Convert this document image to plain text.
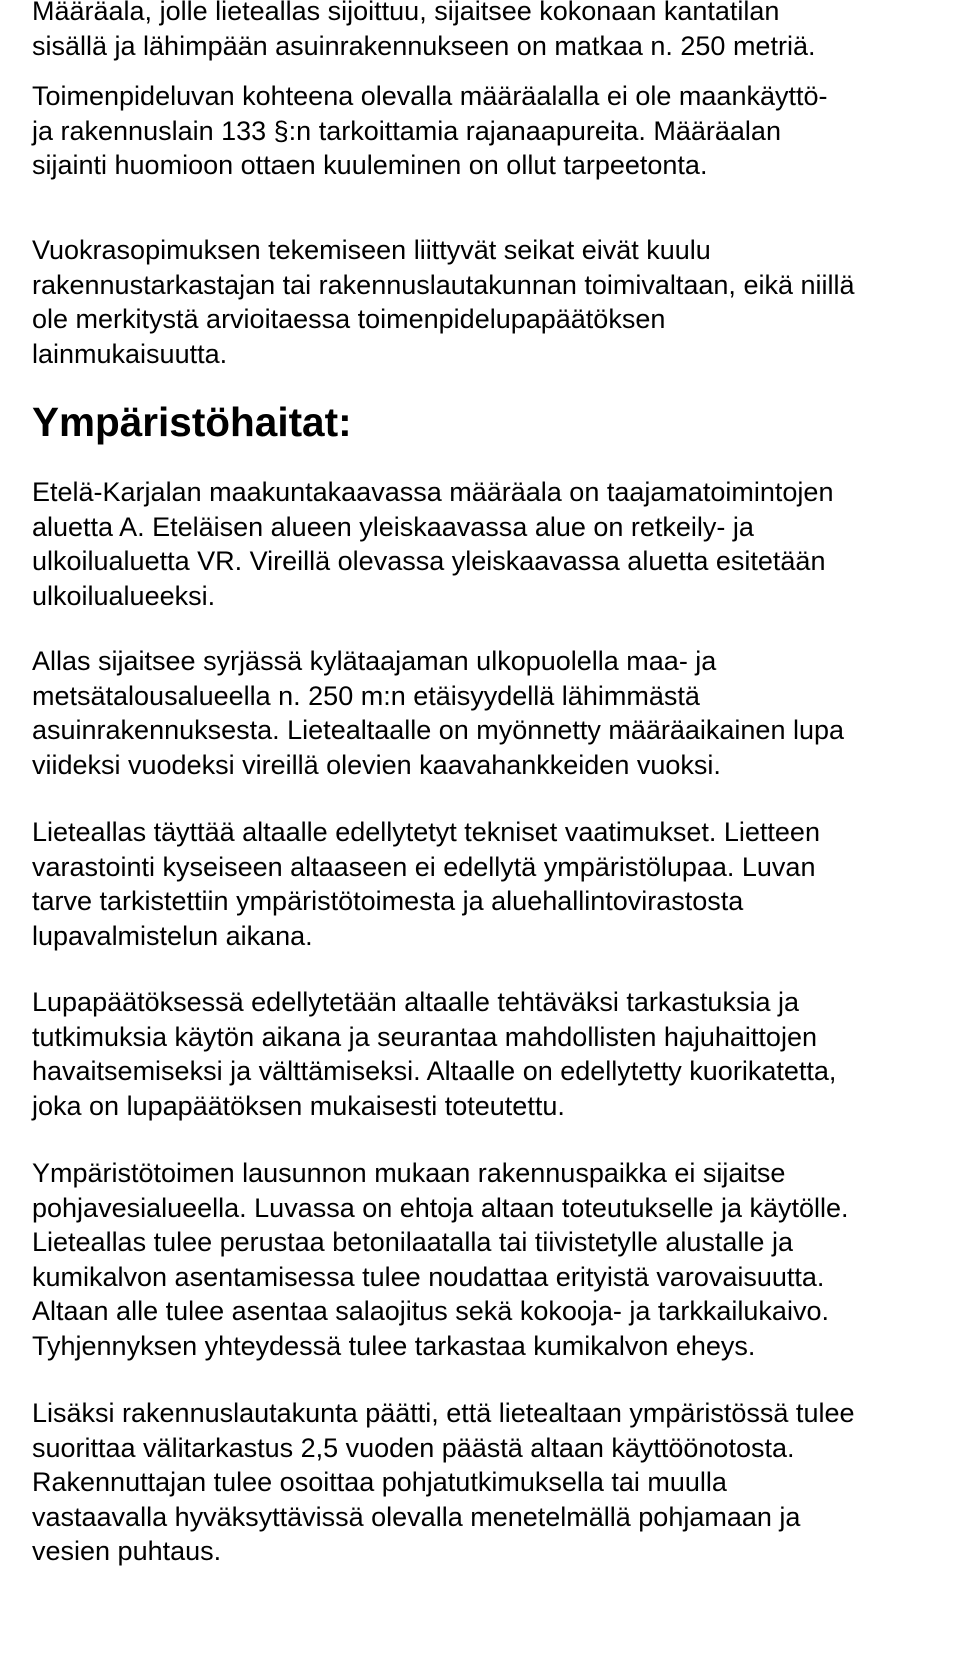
Määräala, jolle lieteallas sijoittuu, sijaitsee kokonaan kantatilan
sisällä ja lähimpään asuinrakennukseen on matkaa n. 250 metriä.
Toimenpideluvan kohteena olevalla määräalalla ei ole maankäyttö-
ja rakennuslain 133 §:n tarkoittamia rajanaapureita. Määräalan
sijainti huomioon ottaen kuuleminen on ollut tarpeetonta.
Vuokrasopimuksen tekemiseen liittyvät seikat eivät kuulu
rakennustarkastajan tai rakennuslautakunnan toimivaltaan, eikä niillä
ole merkitystä arvioitaessa toimenpidelupapäätöksen
lainmukaisuutta.
Ympäristöhaitat:
Etelä-Karjalan maakuntakaavassa määräala on taajamatoimintojen
aluetta A. Eteläisen alueen yleiskaavassa alue on retkeily- ja
ulkoilualuetta VR. Vireillä olevassa yleiskaavassa aluetta esitetään
ulkoilualueeksi.
Allas sijaitsee syrjässä kylätaajaman ulkopuolella maa- ja
metsätalousalueella n. 250 m:n etäisyydellä lähimmästä
asuinrakennuksesta. Lietealtaalle on myönnetty määräaikainen lupa
viideksi vuodeksi vireillä olevien kaavahankkeiden vuoksi.
Lieteallas täyttää altaalle edellytetyt tekniset vaatimukset. Lietteen
varastointi kyseiseen altaaseen ei edellytä ympäristölupaa. Luvan
tarve tarkistettiin ympäristötoimesta ja aluehallintovirastosta
lupavalmistelun aikana.
Lupapäätöksessä edellytetään altaalle tehtäväksi tarkastuksia ja
tutkimuksia käytön aikana ja seurantaa mahdollisten hajuhaittojen
havaitsemiseksi ja välttämiseksi. Altaalle on edellytetty kuorikatetta,
joka on lupapäätöksen mukaisesti toteutettu.
Ympäristötoimen lausunnon mukaan rakennuspaikka ei sijaitse
pohjavesialueella. Luvassa on ehtoja altaan toteutukselle ja käytölle.
Lieteallas tulee perustaa betonilaatalla tai tiivistetylle alustalle ja
kumikalvon asentamisessa tulee noudattaa erityistä varovaisuutta.
Altaan alle tulee asentaa salaojitus sekä kokooja- ja tarkkailukaivo.
Tyhjennyksen yhteydessä tulee tarkastaa kumikalvon eheys.
Lisäksi rakennuslautakunta päätti, että lietealtaan ympäristössä tulee
suorittaa välitarkastus 2,5 vuoden päästä altaan käyttöönotosta.
Rakennuttajan tulee osoittaa pohjatutkimuksella tai muulla
vastaavalla hyväksyttävissä olevalla menetelmällä pohjamaan ja
vesien puhtaus.
